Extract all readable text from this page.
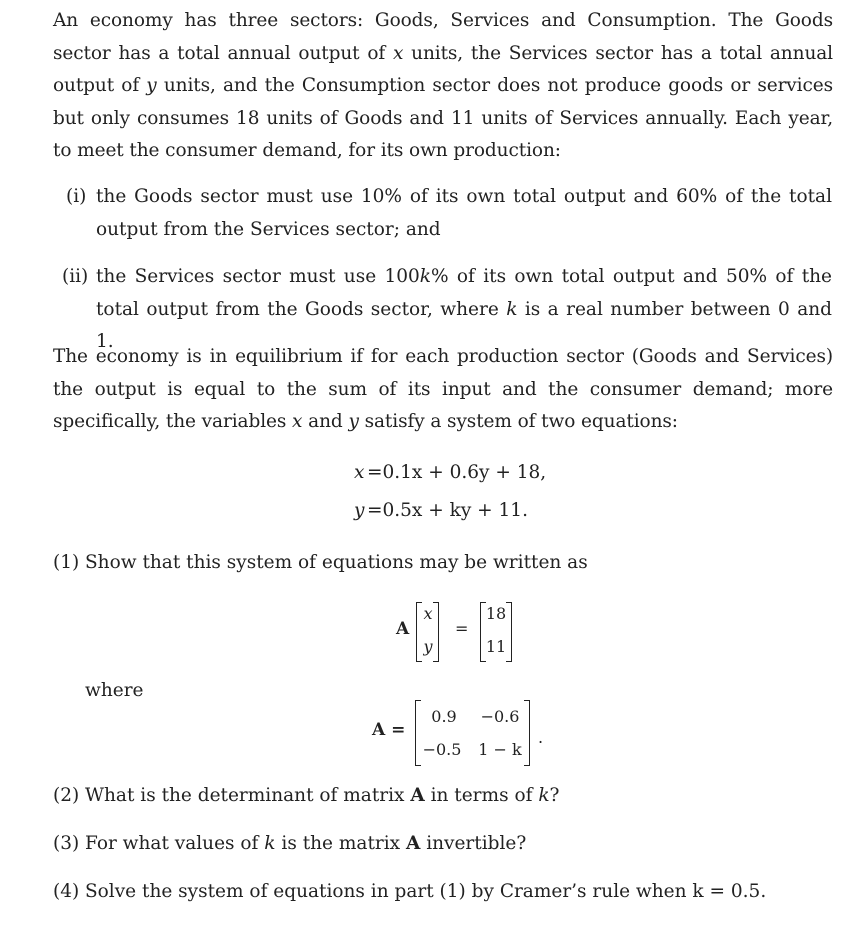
An economy has three sectors: Goods, Services and Consumption. The Goods sector has a total annual output of x units, the Services sector has a total annual output of y units, and the Consumption sector does not produce goods or services but only consumes 18 units of Goods and 11 units of Services annually. Each year, to meet the consumer demand, for its own production:

(i) the Goods sector must use 10% of its own total output and 60% of the total output from the Services sector; and
(ii) the Services sector must use 100k% of its own total output and 50% of the total output from the Goods sector, where k is a real number between 0 and 1.

The economy is in equilibrium if for each production sector (Goods and Services) the output is equal to the sum of its input and the consumer demand; more specifically, the variables x and y satisfy a system of two equations:

x =0.1x + 0.6y + 18,
y =0.5x + ky + 11.
(1) Show that this system of equations may be written as
A
x
y
=
18
11
where
A =
0.9	−0.6
−0.5 1 − k
.
(2) What is the determinant of matrix A in terms of k?
(3) For what values of k is the matrix A invertible?
(4) Solve the system of equations in part (1) by Cramer’s rule when k = 0.5.
